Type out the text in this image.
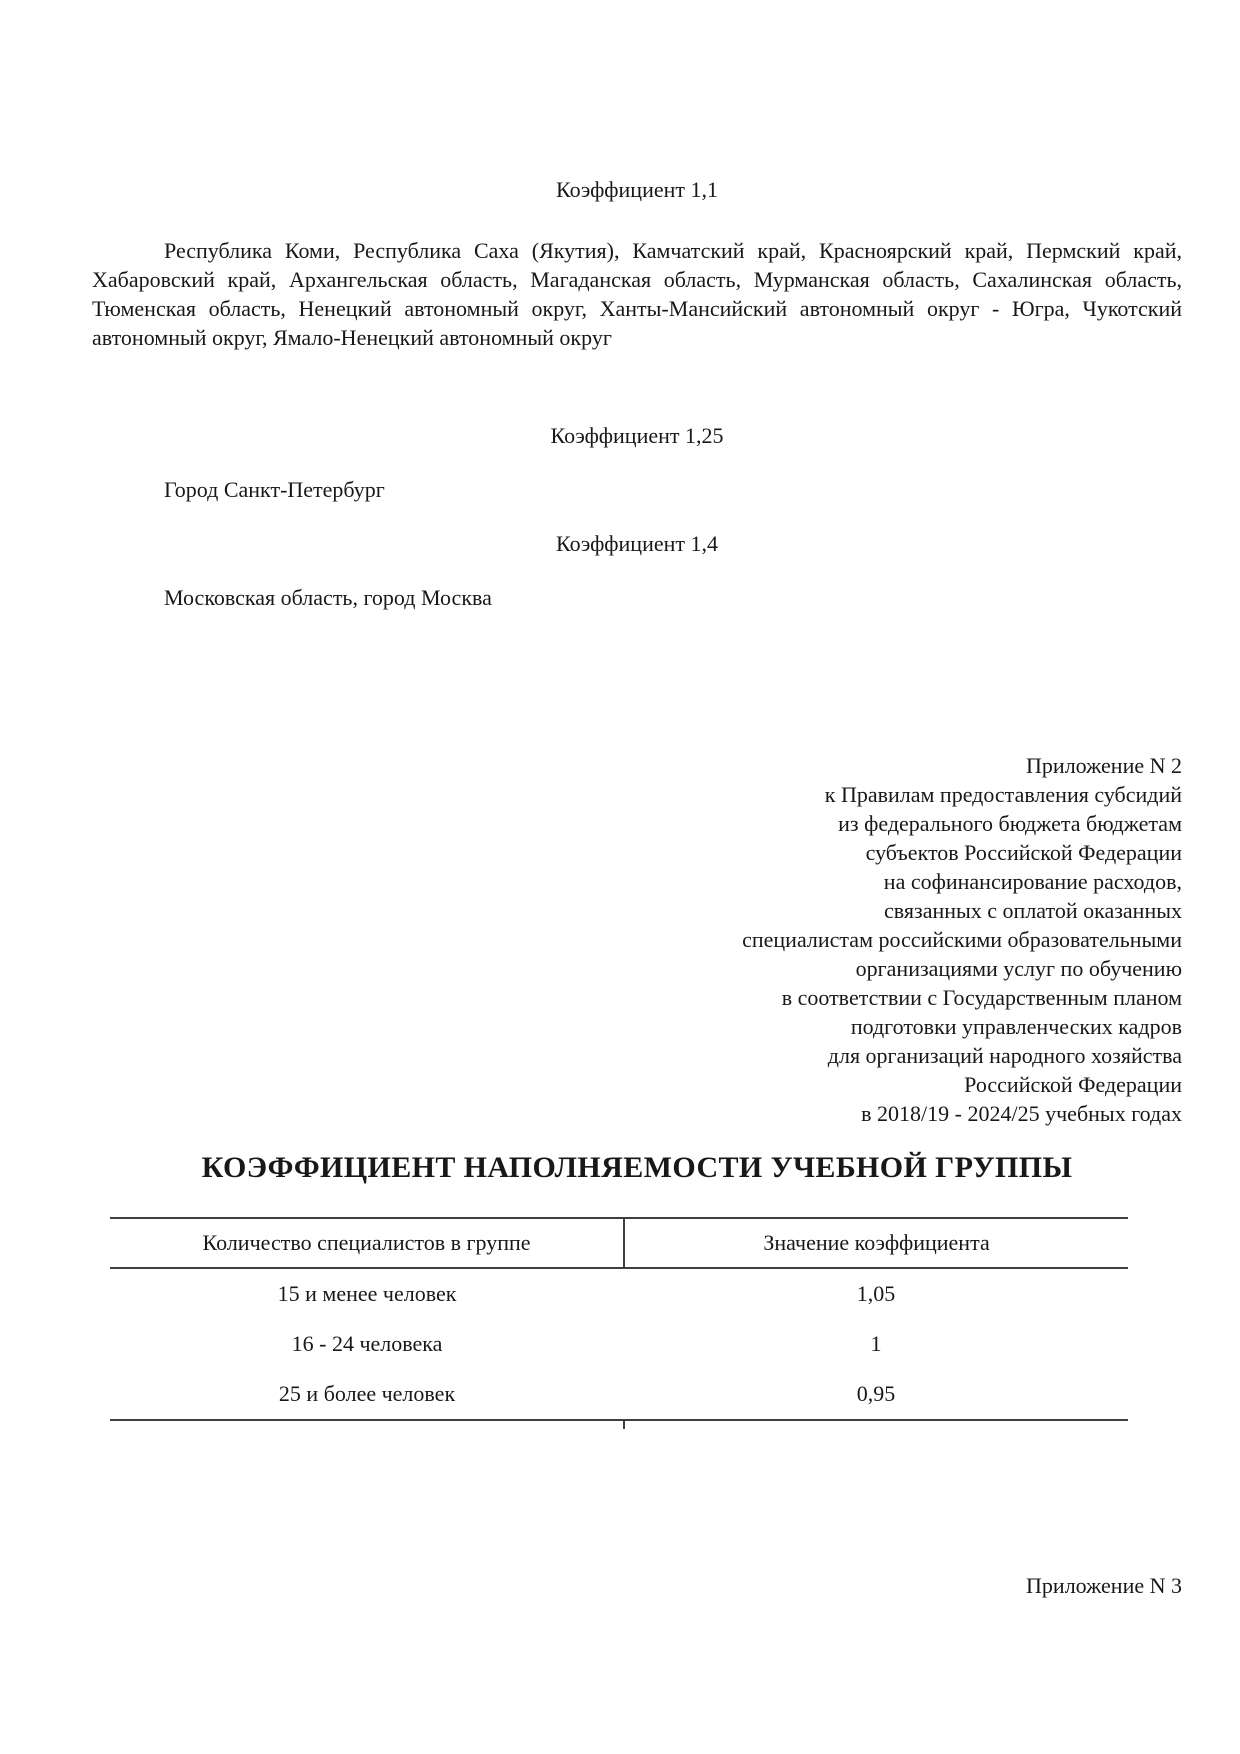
Коэффициент 1,1

Республика Коми, Республика Саха (Якутия), Камчатский край, Красноярский край, Пермский край, Хабаровский край, Архангельская область, Магаданская область, Мурманская область, Сахалинская область, Тюменская область, Ненецкий автономный округ, Ханты-Мансийский автономный округ - Югра, Чукотский автономный округ, Ямало-Ненецкий автономный округ

Коэффициент 1,25

Город Санкт-Петербург

Коэффициент 1,4

Московская область, город Москва

Приложение N 2
к Правилам предоставления субсидий
из федерального бюджета бюджетам
субъектов Российской Федерации
на софинансирование расходов,
связанных с оплатой оказанных
специалистам российскими образовательными
организациями услуг по обучению
в соответствии с Государственным планом
подготовки управленческих кадров
для организаций народного хозяйства
Российской Федерации
в 2018/19 - 2024/25 учебных годах
КОЭФФИЦИЕНТ НАПОЛНЯЕМОСТИ УЧЕБНОЙ ГРУППЫ
Количество специалистов в группе	Значение коэффициента
15 и менее человек	1,05
16 - 24 человека	1
25 и более человек	0,95
Приложение N 3
